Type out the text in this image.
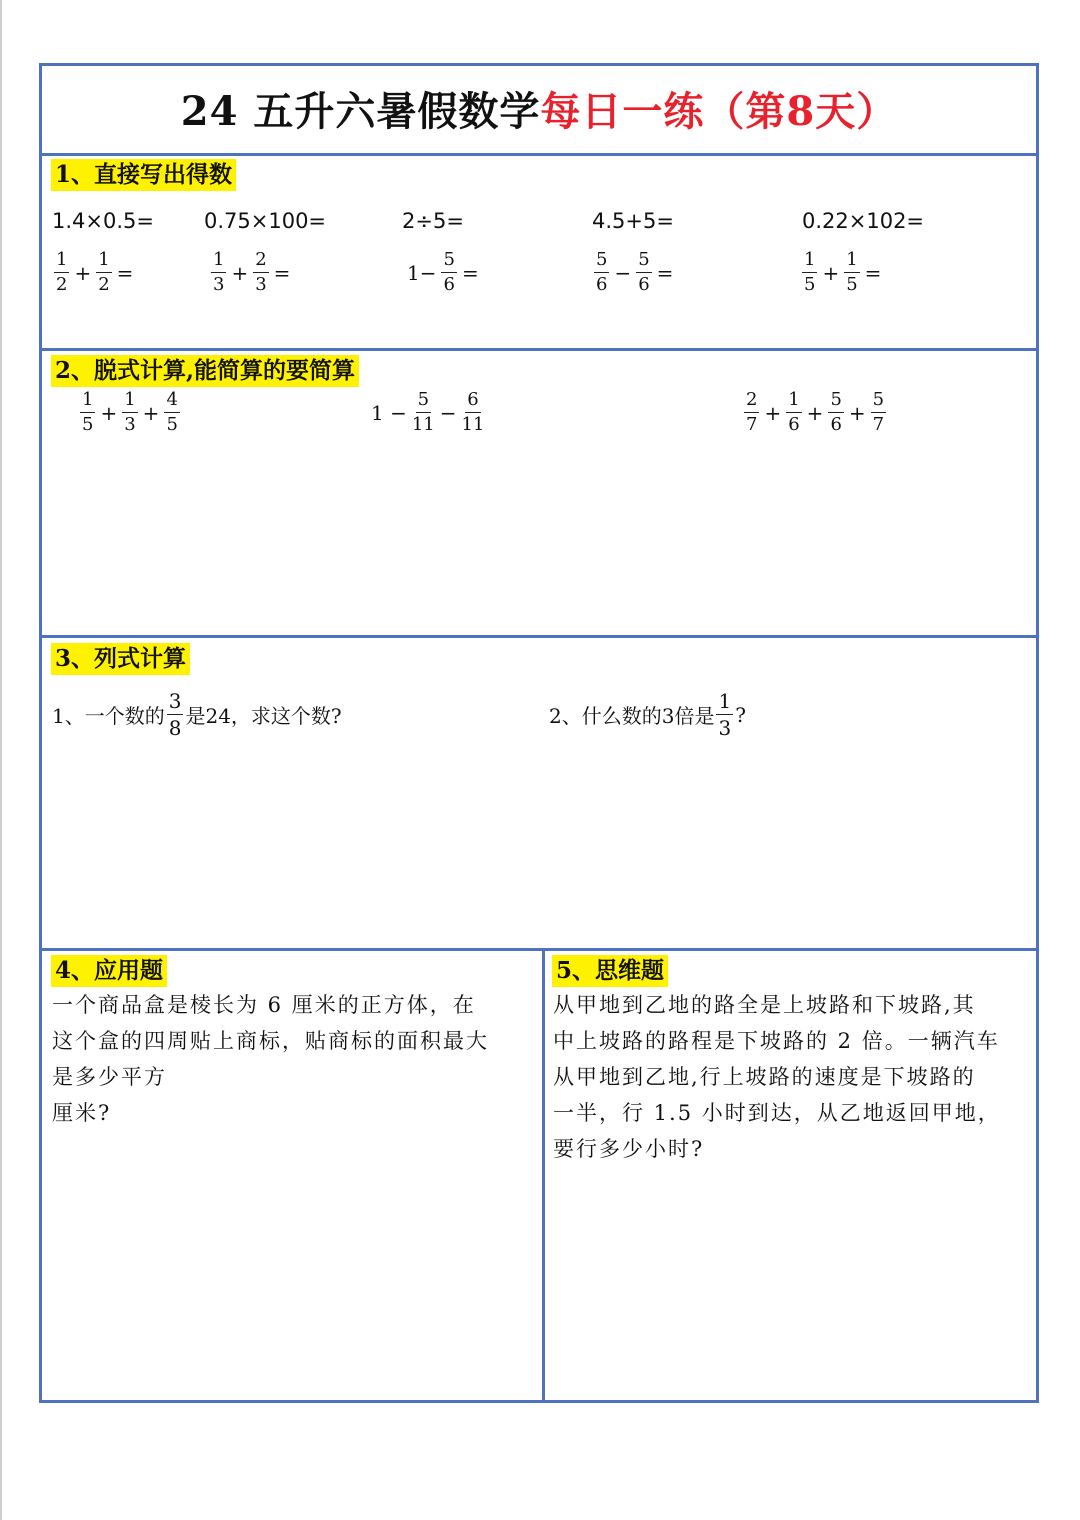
24 五升六暑假数学每日一练（第8天）
1、直接写出得数
1.4×0.5= 0.75×100=	2÷5=	4.5+5=	0.22×102=
$\frac{1}{2} + \frac{1}{2}$ =	$\frac{1}{3} + \frac{2}{3}$ =	$1- \frac{5}{6}$ =	$\frac{5}{6} - \frac{5}{6}$ =	$\frac{1}{5} + \frac{1}{5}$ =
2、脱式计算,能简算的要简算
$\frac{1}{5} + \frac{1}{3} + \frac{4}{5}$	$1 - \frac{5}{11} - \frac{6}{11}$	$\frac{2}{7} + \frac{1}{6} + \frac{5}{6} + \frac{5}{7}$
3、列式计算
1、一个数的 $\frac{3}{8}$ 是24，求这个数?	2、什么数的3倍是 $\frac{1}{3}$ ?
4、应用题
一个商品盒是棱长为 6 厘米的正方体，在
这个盒的四周贴上商标，贴商标的面积最大
是多少平方
厘米?
5、思维题
从甲地到乙地的路全是上坡路和下坡路,其
中上坡路的路程是下坡路的 2 倍。一辆汽车
从甲地到乙地,行上坡路的速度是下坡路的
一半，行 1.5 小时到达，从乙地返回甲地，
要行多少小时?
